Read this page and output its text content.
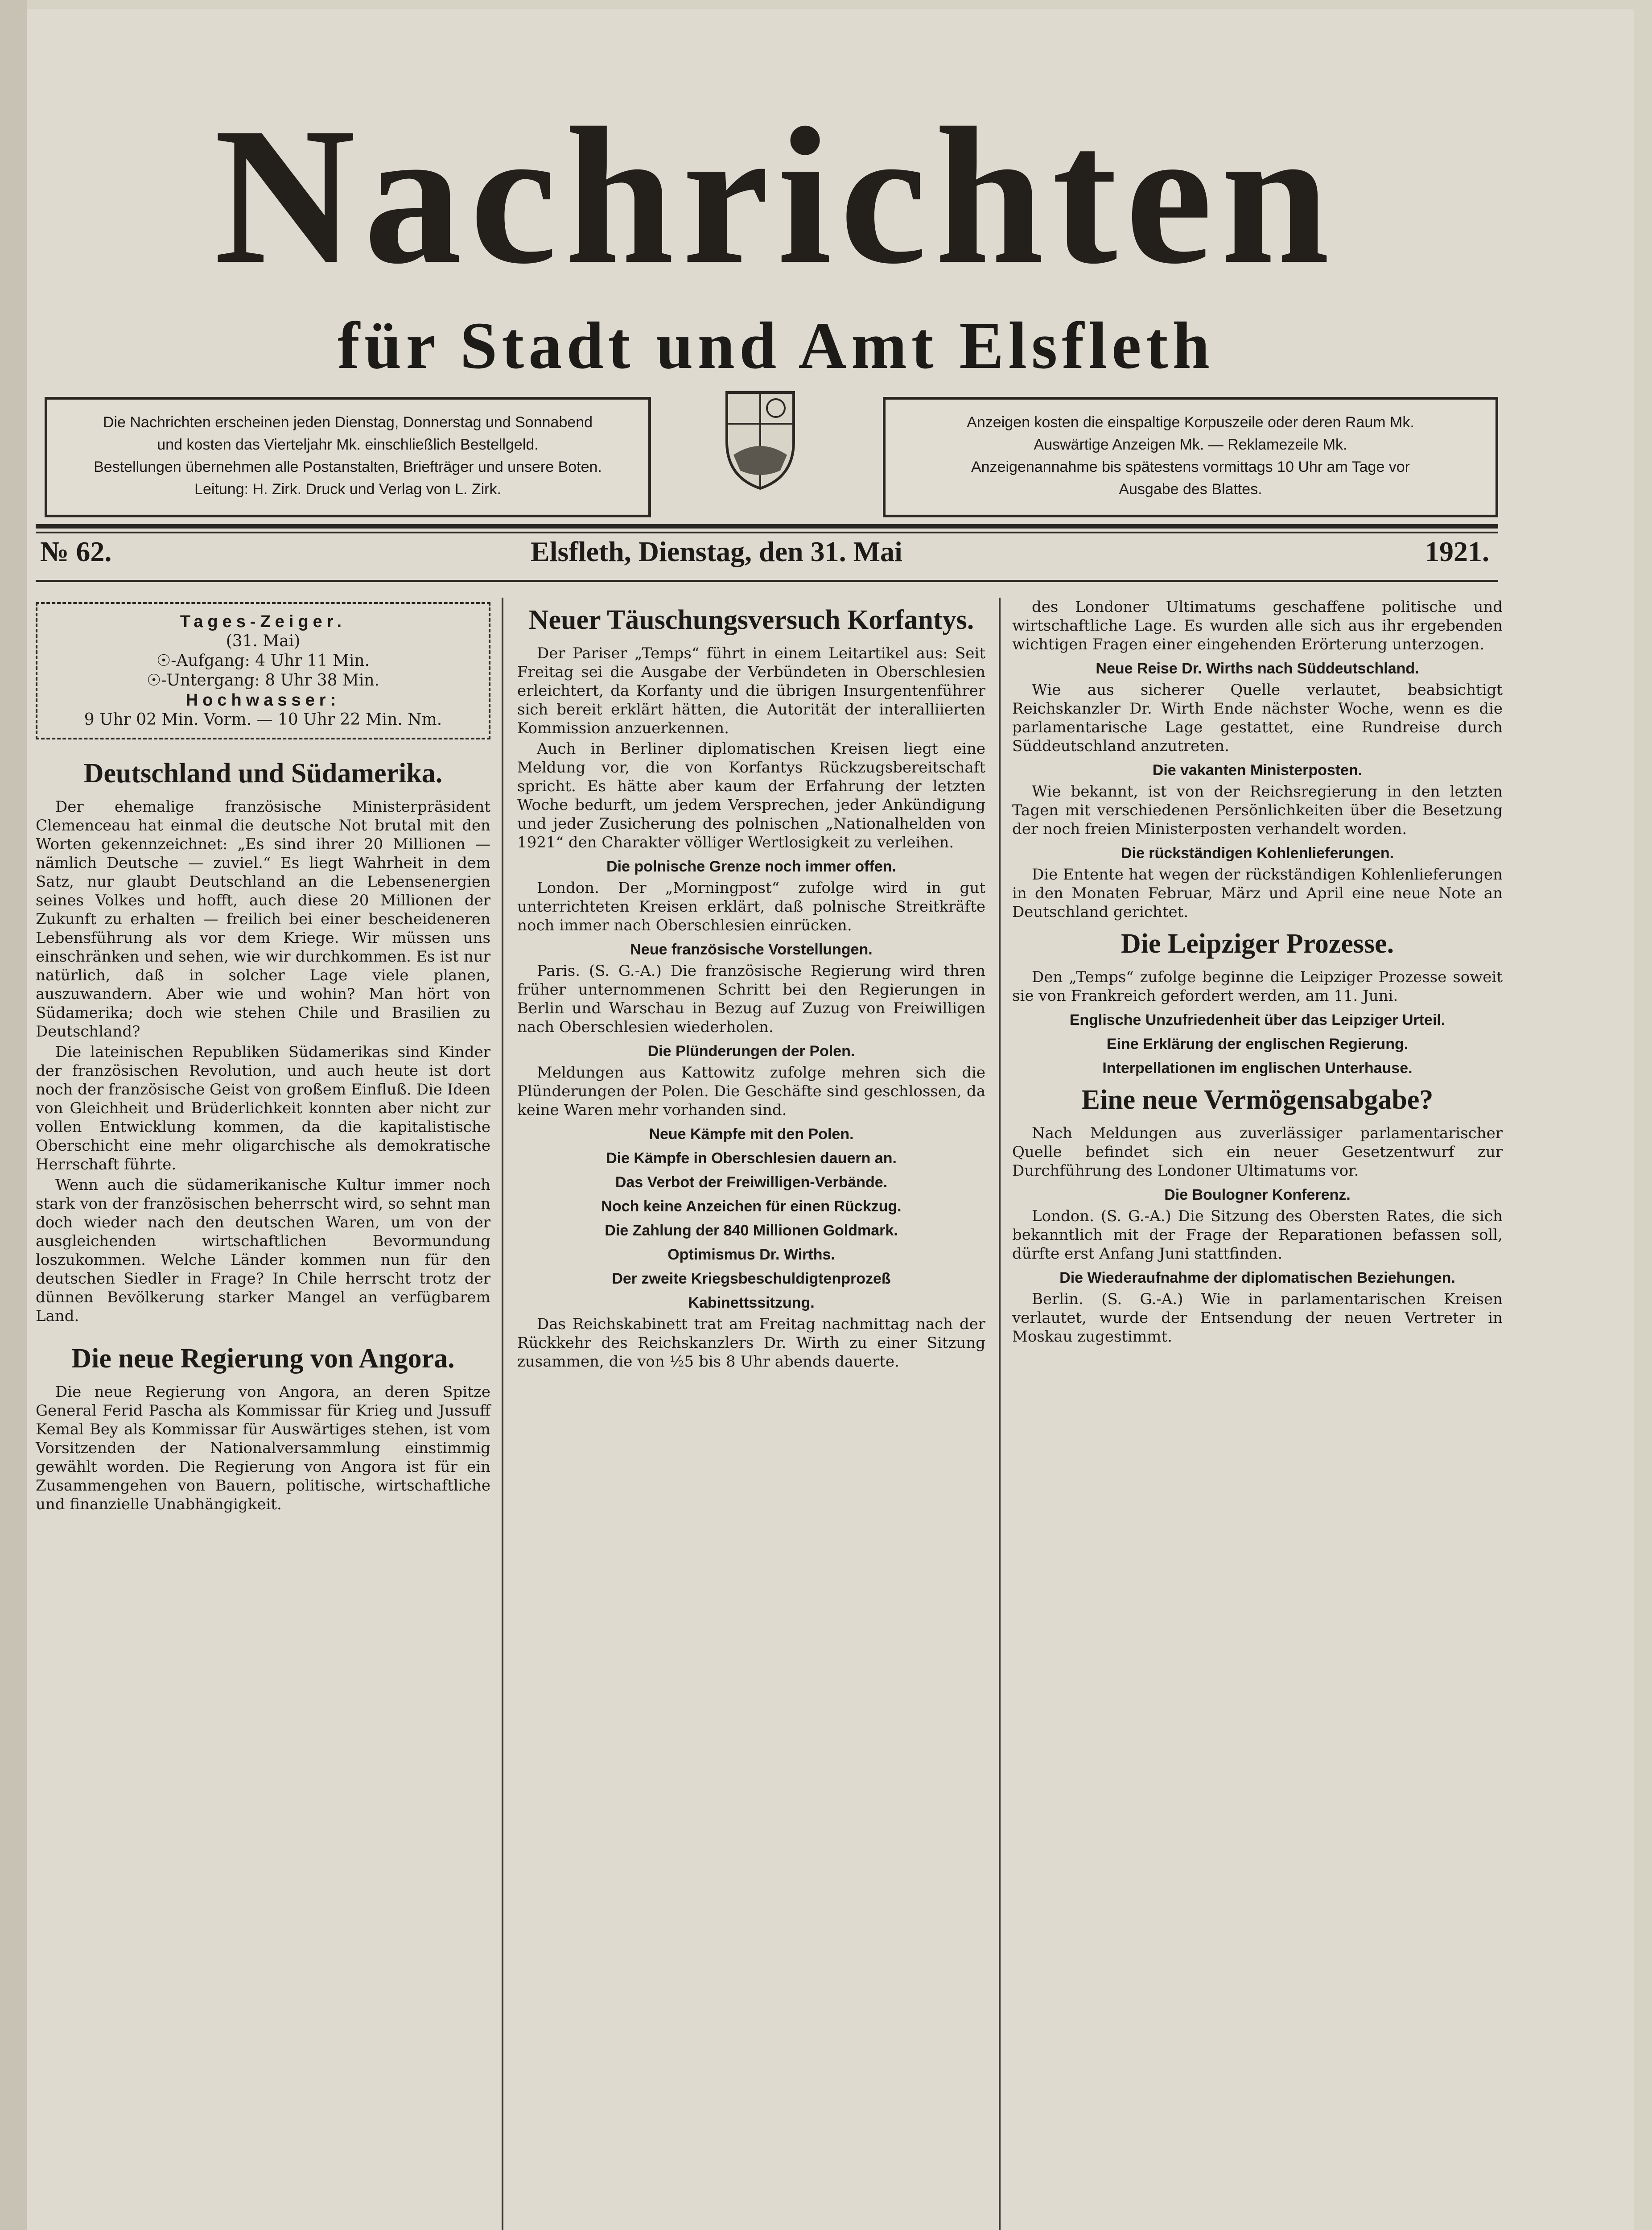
Nachrichten
für Stadt und Amt Elsfleth
Die Nachrichten erscheinen jeden Dienstag, Donnerstag und Sonnabend
und kosten das Vierteljahr Mk. einschließlich Bestellgeld.
Bestellungen übernehmen alle Postanstalten, Briefträger und unsere Boten.
Leitung: H. Zirk. Druck und Verlag von L. Zirk.
Anzeigen kosten die einspaltige Korpuszeile oder deren Raum Mk.
Auswärtige Anzeigen Mk. — Reklamezeile Mk.
Anzeigenannahme bis spätestens vormittags 10 Uhr am Tage vor
Ausgabe des Blattes.
№ 62.	Elsfleth, Dienstag, den 31. Mai	1921.
Tages-Zeiger.
(31. Mai)
☉-Aufgang: 4 Uhr 11 Min.
☉-Untergang: 8 Uhr 38 Min.
Hochwasser:
9 Uhr 02 Min. Vorm. — 10 Uhr 22 Min. Nm.
Deutschland und Südamerika.

Der ehemalige französische Ministerpräsident Clemenceau hat einmal die deutsche Not brutal mit den Worten gekennzeichnet: „Es sind ihrer 20 Millionen — nämlich Deutsche — zuviel.“ Es liegt Wahrheit in dem Satz, nur glaubt Deutschland an die Lebensenergien seines Volkes und hofft, auch diese 20 Millionen der Zukunft zu erhalten — freilich bei einer bescheideneren Lebensführung als vor dem Kriege. Wir müssen uns einschränken und sehen, wie wir durchkommen. Es ist nur natürlich, daß in solcher Lage viele planen, auszuwandern. Aber wie und wohin? Man hört von Südamerika; doch wie stehen Chile und Brasilien zu Deutschland?

Die lateinischen Republiken Südamerikas sind Kinder der französischen Revolution, und auch heute ist dort noch der französische Geist von großem Einfluß. Die Ideen von Gleichheit und Brüderlichkeit konnten aber nicht zur vollen Entwicklung kommen, da die kapitalistische Oberschicht eine mehr oligarchische als demokratische Herrschaft führte.

Wenn auch die südamerikanische Kultur immer noch stark von der französischen beherrscht wird, so sehnt man doch wieder nach den deutschen Waren, um von der ausgleichenden wirtschaftlichen Bevormundung loszukommen. Welche Länder kommen nun für den deutschen Siedler in Frage? In Chile herrscht trotz der dünnen Bevölkerung starker Mangel an verfügbarem Land.

Die neue Regierung von Angora.

Die neue Regierung von Angora, an deren Spitze General Ferid Pascha als Kommissar für Krieg und Jussuff Kemal Bey als Kommissar für Auswärtiges stehen, ist vom Vorsitzenden der Nationalversammlung einstimmig gewählt worden. Die Regierung von Angora ist für ein Zusammengehen von Bauern, politische, wirtschaftliche und finanzielle Unabhängigkeit.

Neuer Täuschungsversuch Korfantys.

Der Pariser „Temps“ führt in einem Leitartikel aus: Seit Freitag sei die Ausgabe der Verbündeten in Oberschlesien erleichtert, da Korfanty und die übrigen Insurgentenführer sich bereit erklärt hätten, die Autorität der interalliierten Kommission anzuerkennen.

Auch in Berliner diplomatischen Kreisen liegt eine Meldung vor, die von Korfantys Rückzugsbereitschaft spricht. Es hätte aber kaum der Erfahrung der letzten Woche bedurft, um jedem Versprechen, jeder Ankündigung und jeder Zusicherung des polnischen „Nationalhelden von 1921“ den Charakter völliger Wertlosigkeit zu verleihen.

Die polnische Grenze noch immer offen.

London. Der „Morningpost“ zufolge wird in gut unterrichteten Kreisen erklärt, daß polnische Streitkräfte noch immer nach Oberschlesien einrücken.

Neue französische Vorstellungen.

Paris. (S. G.-A.) Die französische Regierung wird thren früher unternommenen Schritt bei den Regierungen in Berlin und Warschau in Bezug auf Zuzug von Freiwilligen nach Oberschlesien wiederholen.

Die Plünderungen der Polen.

Meldungen aus Kattowitz zufolge mehren sich die Plünderungen der Polen. Die Geschäfte sind geschlossen, da keine Waren mehr vorhanden sind.

Neue Kämpfe mit den Polen.
Die Kämpfe in Oberschlesien dauern an.
Das Verbot der Freiwilligen-Verbände.
Noch keine Anzeichen für einen Rückzug.
Die Zahlung der 840 Millionen Goldmark.
Optimismus Dr. Wirths.
Der zweite Kriegsbeschuldigtenprozeß
Kabinettssitzung.

Das Reichskabinett trat am Freitag nachmittag nach der Rückkehr des Reichskanzlers Dr. Wirth zu einer Sitzung zusammen, die von ½5 bis 8 Uhr abends dauerte.

des Londoner Ultimatums geschaffene politische und wirtschaftliche Lage. Es wurden alle sich aus ihr ergebenden wichtigen Fragen einer eingehenden Erörterung unterzogen.

Neue Reise Dr. Wirths nach Süddeutschland.

Wie aus sicherer Quelle verlautet, beabsichtigt Reichskanzler Dr. Wirth Ende nächster Woche, wenn es die parlamentarische Lage gestattet, eine Rundreise durch Süddeutschland anzutreten.

Die vakanten Ministerposten.

Wie bekannt, ist von der Reichsregierung in den letzten Tagen mit verschiedenen Persönlichkeiten über die Besetzung der noch freien Ministerposten verhandelt worden.

Die rückständigen Kohlenlieferungen.

Die Entente hat wegen der rückständigen Kohlenlieferungen in den Monaten Februar, März und April eine neue Note an Deutschland gerichtet.

Die Leipziger Prozesse.

Den „Temps“ zufolge beginne die Leipziger Prozesse soweit sie von Frankreich gefordert werden, am 11. Juni.

Englische Unzufriedenheit über das Leipziger Urteil.
Eine Erklärung der englischen Regierung.
Interpellationen im englischen Unterhause.
Eine neue Vermögensabgabe?

Nach Meldungen aus zuverlässiger parlamentarischer Quelle befindet sich ein neuer Gesetzentwurf zur Durchführung des Londoner Ultimatums vor.

Die Boulogner Konferenz.

London. (S. G.-A.) Die Sitzung des Obersten Rates, die sich bekanntlich mit der Frage der Reparationen befassen soll, dürfte erst Anfang Juni stattfinden.

Die Wiederaufnahme der diplomatischen Beziehungen.

Berlin. (S. G.-A.) Wie in parlamentarischen Kreisen verlautet, wurde der Entsendung der neuen Vertreter in Moskau zugestimmt.
